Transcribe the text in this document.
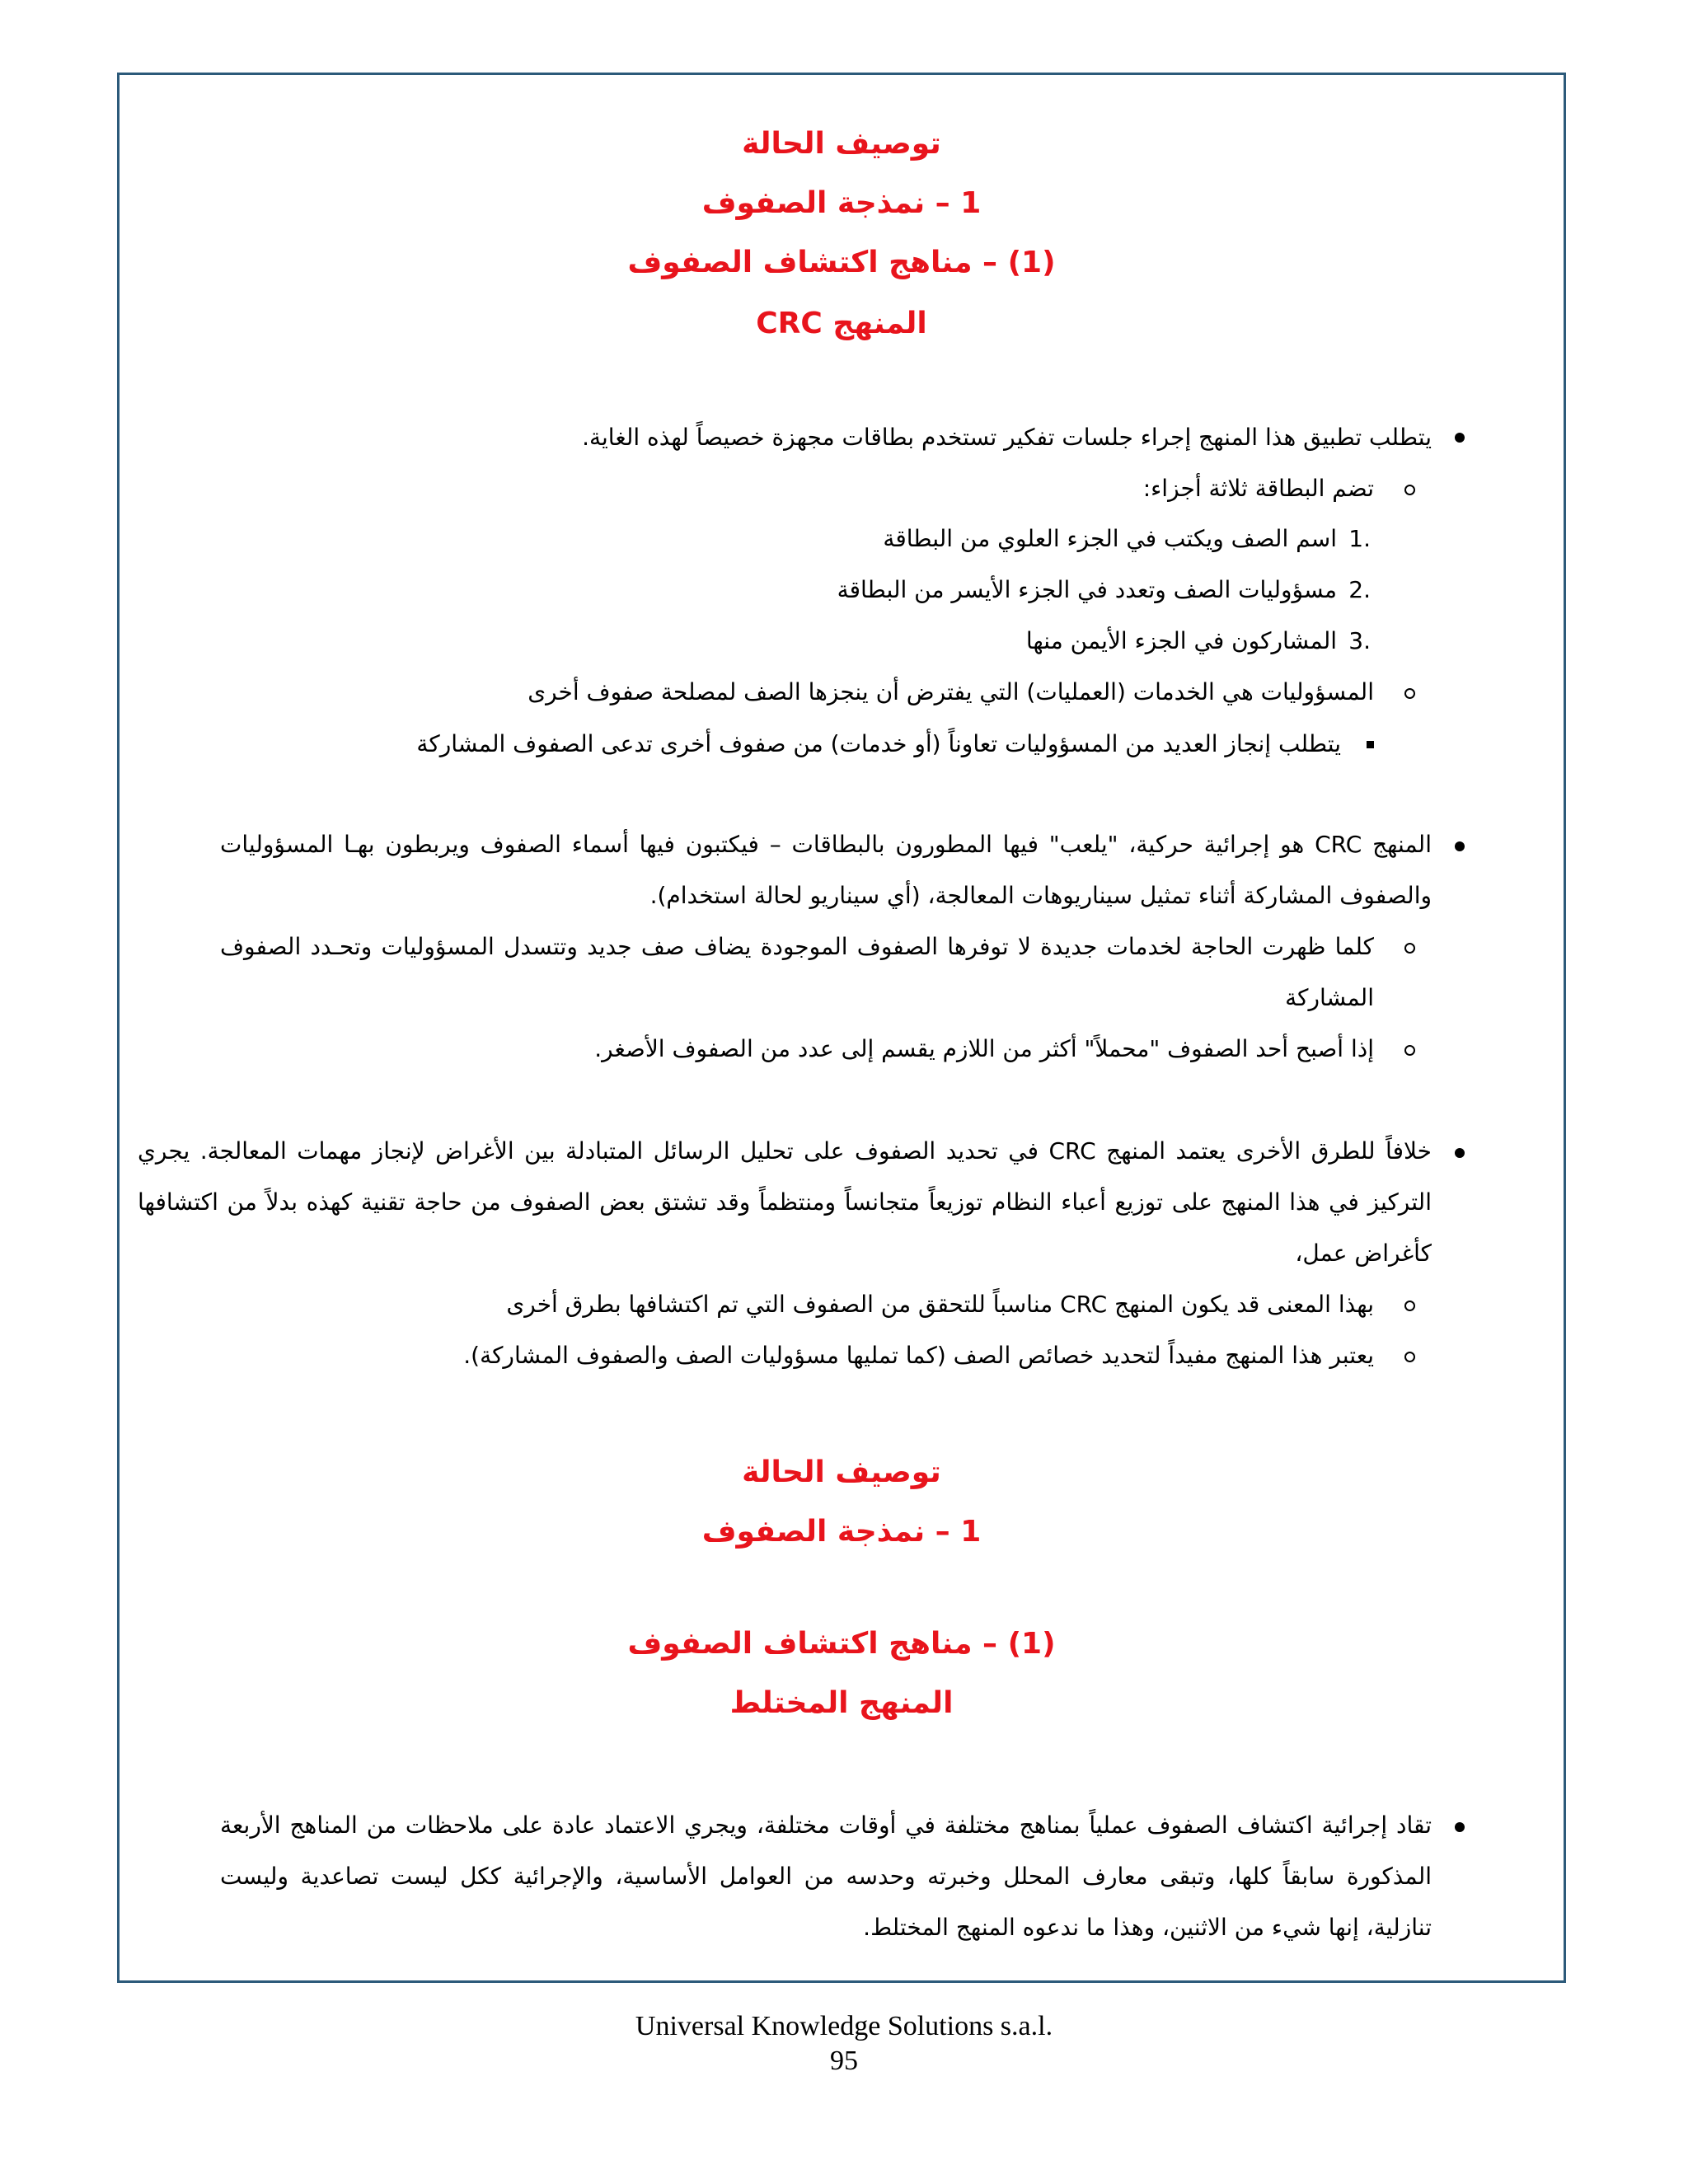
توصيف الحالة
1 – نمذجة الصفوف
(1) – مناهج اكتشاف الصفوف
المنهج CRC
يتطلب تطبيق هذا المنهج إجراء جلسات تفكير تستخدم بطاقات مجهزة خصيصاً لهذه الغاية.
تضم البطاقة ثلاثة أجزاء:
1.
اسم الصف ويكتب في الجزء العلوي من البطاقة
2.
مسؤوليات الصف وتعدد في الجزء الأيسر من البطاقة
3.
المشاركون في الجزء الأيمن منها
المسؤوليات هي الخدمات (العمليات) التي يفترض أن ينجزها الصف لمصلحة صفوف أخرى
يتطلب إنجاز العديد من المسؤوليات تعاوناً (أو خدمات) من صفوف أخرى تدعى الصفوف المشاركة
المنهج CRC هو إجرائية حركية، "يلعب" فيها المطورون بالبطاقات – فيكتبون فيها أسماء الصفوف ويربطون بهـا المسؤوليات والصفوف المشاركة أثناء تمثيل سيناريوهات المعالجة، (أي سيناريو لحالة استخدام).
كلما ظهرت الحاجة لخدمات جديدة لا توفرها الصفوف الموجودة يضاف صف جديد وتتسدل المسؤوليات وتحـدد الصفوف المشاركة
إذا أصبح أحد الصفوف "محملاً" أكثر من اللازم يقسم إلى عدد من الصفوف الأصغر.
خلافاً للطرق الأخرى يعتمد المنهج CRC في تحديد الصفوف على تحليل الرسائل المتبادلة بين الأغراض لإنجاز مهمات المعالجة. يجري التركيز في هذا المنهج على توزيع أعباء النظام توزيعاً متجانساً ومنتظماً وقد تشتق بعض الصفوف من حاجة تقنية كهذه بدلاً من اكتشافها كأغراض عمل،
بهذا المعنى قد يكون المنهج CRC مناسباً للتحقق من الصفوف التي تم اكتشافها بطرق أخرى
يعتبر هذا المنهج مفيداً لتحديد خصائص الصف (كما تمليها مسؤوليات الصف والصفوف المشاركة).
توصيف الحالة
1 – نمذجة الصفوف
(1) – مناهج اكتشاف الصفوف
المنهج المختلط
تقاد إجرائية اكتشاف الصفوف عملياً بمناهج مختلفة في أوقات مختلفة، ويجري الاعتماد عادة على ملاحظات من المناهج الأربعة المذكورة سابقاً كلها، وتبقى معارف المحلل وخبرته وحدسه من العوامل الأساسية، والإجرائية ككل ليست تصاعدية وليست تنازلية، إنها شيء من الاثنين، وهذا ما ندعوه المنهج المختلط.
Universal Knowledge Solutions s.a.l.
95
